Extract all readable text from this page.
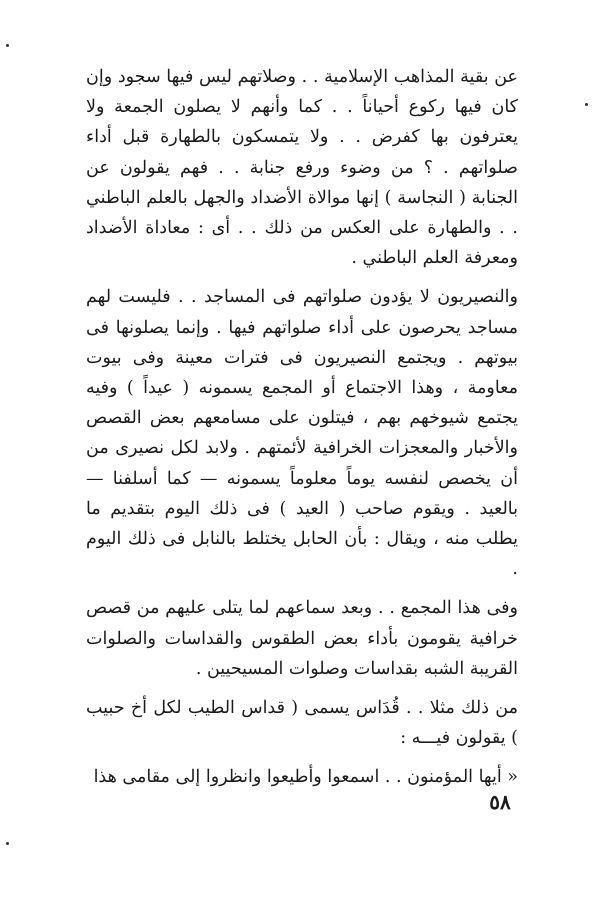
عن بقية المذاهب الإسلامية . . وصلاتهم ليس فيها سجود وإن كان فيها ركوع أحياناً . . كما وأنهم لا يصلون الجمعة ولا يعترفون بها كفرض . . ولا يتمسكون بالطهارة قبل أداء صلواتهم . ؟ من وضوء ورفع جنابة . . فهم يقولون عن الجنابة ( النجاسة ) إنها موالاة الأضداد والجهل بالعلم الباطني . . والطهارة على العكس من ذلك . . أى : معاداة الأضداد ومعرفة العلم الباطني .

والنصيريون لا يؤدون صلواتهم فى المساجد . . فليست لهم مساجد يحرصون على أداء صلواتهم فيها . وإنما يصلونها فى بيوتهم . ويجتمع النصيريون فى فترات معينة وفى بيوت معاومة ، وهذا الاجتماع أو المجمع يسمونه ( عيداً ) وفيه يجتمع شيوخهم بهم ، فيتلون على مسامعهم بعض القصص والأخبار والمعجزات الخرافية لأئمتهم . ولابد لكل نصيرى من أن يخصص لنفسه يوماً معلوماً يسمونه — كما أسلفنا — بالعيد . ويقوم صاحب ( العيد ) فى ذلك اليوم بتقديم ما يطلب منه ، ويقال : بأن الحابل يختلط بالنابل فى ذلك اليوم .

وفى هذا المجمع . . وبعد سماعهم لما يتلى عليهم من قصص خرافية يقومون بأداء بعض الطقوس والقداسات والصلوات القريبة الشبه بقداسات وصلوات المسيحيين .

من ذلك مثلا . . قُدَاس يسمى ( قداس الطيب لكل أخ حبيب ) يقولون فيـــه :

« أيها المؤمنون . . اسمعوا وأطيعوا وانظروا إلى مقامى هذا

٥٨
